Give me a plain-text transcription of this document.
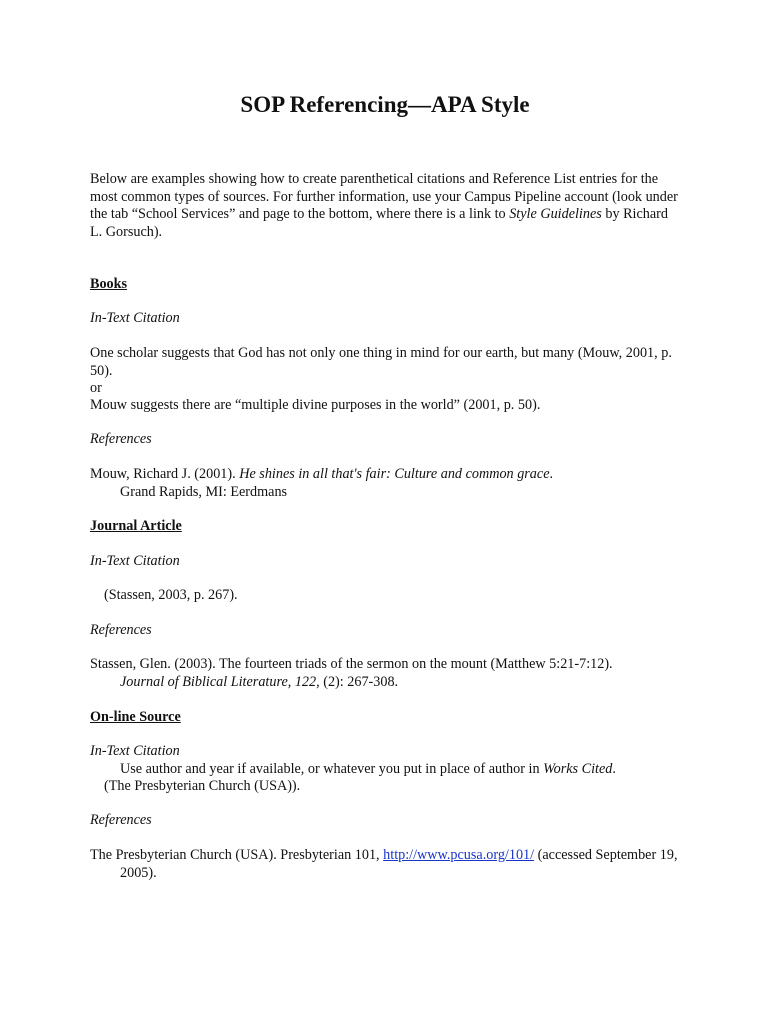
SOP Referencing—APA Style

Below are examples showing how to create parenthetical citations and Reference List entries for the most common types of sources. For further information, use your Campus Pipeline account (look under the tab “School Services” and page to the bottom, where there is a link to Style Guidelines by Richard L. Gorsuch).

Books

In-Text Citation

One scholar suggests that God has not only one thing in mind for our earth, but many (Mouw, 2001, p. 50).

or

Mouw suggests there are “multiple divine purposes in the world” (2001, p. 50).

References

Mouw, Richard J. (2001). He shines in all that's fair: Culture and common grace.

Grand Rapids, MI: Eerdmans

Journal Article

In-Text Citation

(Stassen, 2003, p. 267).

References

Stassen, Glen. (2003). The fourteen triads of the sermon on the mount (Matthew 5:21-7:12).

Journal of Biblical Literature, 122, (2): 267-308.

On-line Source

In-Text Citation

Use author and year if available, or whatever you put in place of author in Works Cited.

(The Presbyterian Church (USA)).

References

The Presbyterian Church (USA). Presbyterian 101, http://www.pcusa.org/101/ (accessed September 19, 2005).
